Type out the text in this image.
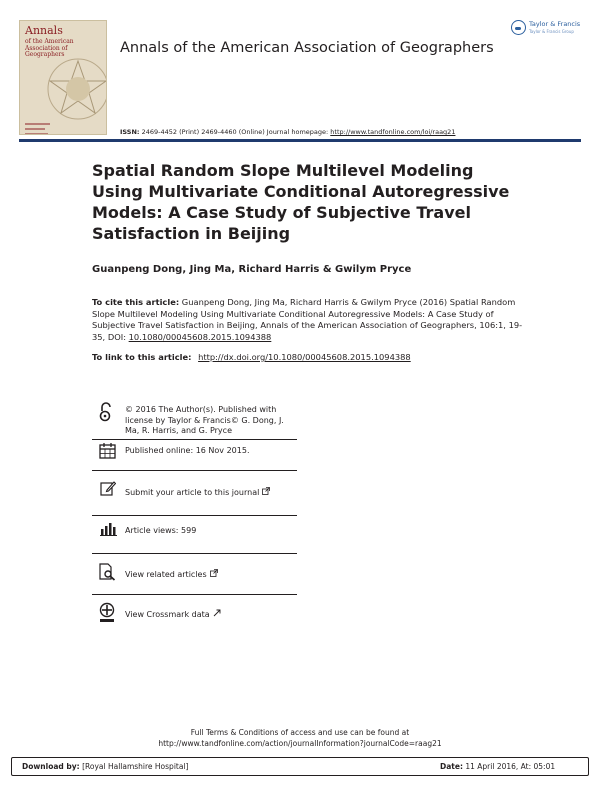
Annals
of the American
Association of Geographers
Taylor & Francis
Taylor & Francis Group
Annals of the American Association of Geographers
ISSN: 2469-4452 (Print) 2469-4460 (Online) Journal homepage: http://www.tandfonline.com/loi/raag21
Spatial Random Slope Multilevel Modeling Using Multivariate Conditional Autoregressive Models: A Case Study of Subjective Travel Satisfaction in Beijing
Guanpeng Dong, Jing Ma, Richard Harris & Gwilym Pryce
To cite this article: Guanpeng Dong, Jing Ma, Richard Harris & Gwilym Pryce (2016) Spatial Random Slope Multilevel Modeling Using Multivariate Conditional Autoregressive Models: A Case Study of Subjective Travel Satisfaction in Beijing, Annals of the American Association of Geographers, 106:1, 19-35, DOI: 10.1080/00045608.2015.1094388
To link to this article: http://dx.doi.org/10.1080/00045608.2015.1094388
© 2016 The Author(s). Published with license by Taylor & Francis© G. Dong, J. Ma, R. Harris, and G. Pryce
Published online: 16 Nov 2015.
Submit your article to this journal
Article views: 599
View related articles
View Crossmark data
Full Terms & Conditions of access and use can be found at
http://www.tandfonline.com/action/journalInformation?journalCode=raag21
Download by: [Royal Hallamshire Hospital]	Date: 11 April 2016, At: 05:01
